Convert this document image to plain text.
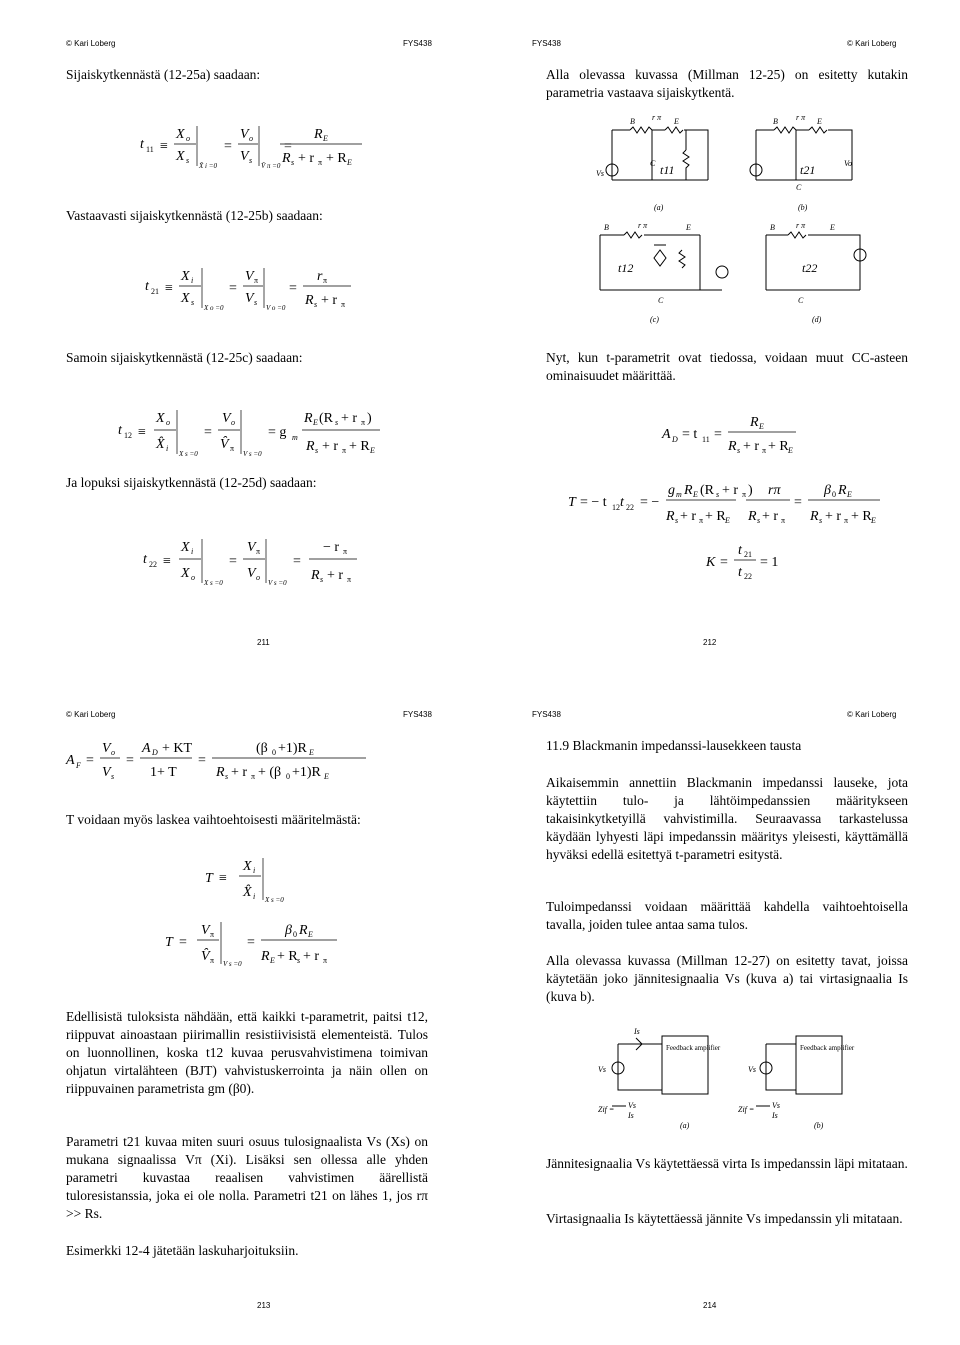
© Kari Loberg	FYS438	FYS438	© Kari Loberg
© Kari Loberg	FYS438	FYS438	© Kari Loberg
Sijaiskytkennästä (12-25a) saadaan:
t 11 ≡
X o
X s
X̂ i =0
=
V o
V s
V̂ π =0
=
R E
R s + r π + R E
Vastaavasti sijaiskytkennästä (12-25b) saadaan:
t 21 ≡
X i
X s
X o =0
=
V π
V s
V o =0
=
r π
R s + r π
Samoin sijaiskytkennästä (12-25c) saadaan:
t 12 ≡
X o
X̂ i
X s =0
=
V o
V̂ π
V s =0
= g m
R E (R s + r π )
R s + r π + R E
Ja lopuksi sijaiskytkennästä (12-25d) saadaan:
t 22 ≡
X i
X o
X s =0
=
V π
V o
V s =0
=
− r π
R s + r π
211
Alla olevassa kuvassa (Millman 12-25) on esitetty kutakin parametria vastaava sijaiskytkentä.
B r π E
C
Vs
B r π E
C
Vo
B	r π	E
C
B	r π	E
C
t11	t21
t12	t22
(a)	(b)
(c)	(d)
Nyt, kun t-parametrit ovat tiedossa, voidaan muut CC-asteen ominaisuudet määrittää.
A D = t 11 =
R E
R s + r π + R E
T = − t 12 t 22 = −
g m R E (R s + r π )
R s + r π + R E
rπ
R s + r π
=
β 0 R E
R s + r π + R E
K =
t 21
t 22
= 1
212
A F =
V o
V s
=
A D + KT
1+ T
=
(β 0 +1)R E
R s + r π + (β 0 +1)R E
T voidaan myös laskea vaihtoehtoisesti määritelmästä:
T ≡
X i
X̂ i X s =0
T =
V π
V̂ π V s =0
=
β 0 R E
R E + R s + r π
Edellisistä tuloksista nähdään, että kaikki t-parametrit, paitsi t12, riippuvat ainoastaan piirimallin resistiivisistä elementeistä. Tulos on luonnollinen, koska t12 kuvaa perusvahvistimena toimivan ohjatun virtalähteen (BJT) vahvistuskerrointa ja näin ollen on riippuvainen parametrista gm (β0).
Parametri t21 kuvaa miten suuri osuus tulosignaalista Vs (Xs) on mukana signaalissa Vπ (Xi). Lisäksi sen ollessa alle yhden parametri kuvastaa reaalisen vahvistimen äärellistä tuloresistanssia, joka ei ole nolla. Parametri t21 on lähes 1, jos rπ >> Rs.
Esimerkki 12-4 jätetään laskuharjoituksiin.
213
11.9 Blackmanin impedanssi-lausekkeen tausta
Aikaisemmin annettiin Blackmanin impedanssi lauseke, jota käytettiin tulo- ja lähtöimpedanssien määritykseen takaisinkytketyillä vahvistimilla. Seuraavassa tarkastelussa käydään lyhyesti läpi impedanssin määritys yleisesti, käyttämällä hyväksi edellä esitettyä t-parametri esitystä.
Tuloimpedanssi voidaan määrittää kahdella vaihtoehtoisella tavalla, joiden tulee antaa sama tulos.
Alla olevassa kuvassa (Millman 12-27) on esitetty tavat, joissa käytetään joko jännitesignaalia Vs (kuva a) tai virtasignaalia Is (kuva b).
Is
Vs
Zif = Vs
Is
Vs
Zif = Vs
Is
Feedback amplifier	Feedback amplifier
(a)	(b)
Jännitesignaalia Vs käytettäessä virta Is impedanssin läpi mitataan.
Virtasignaalia Is käytettäessä jännite Vs impedanssin yli mitataan.
214
